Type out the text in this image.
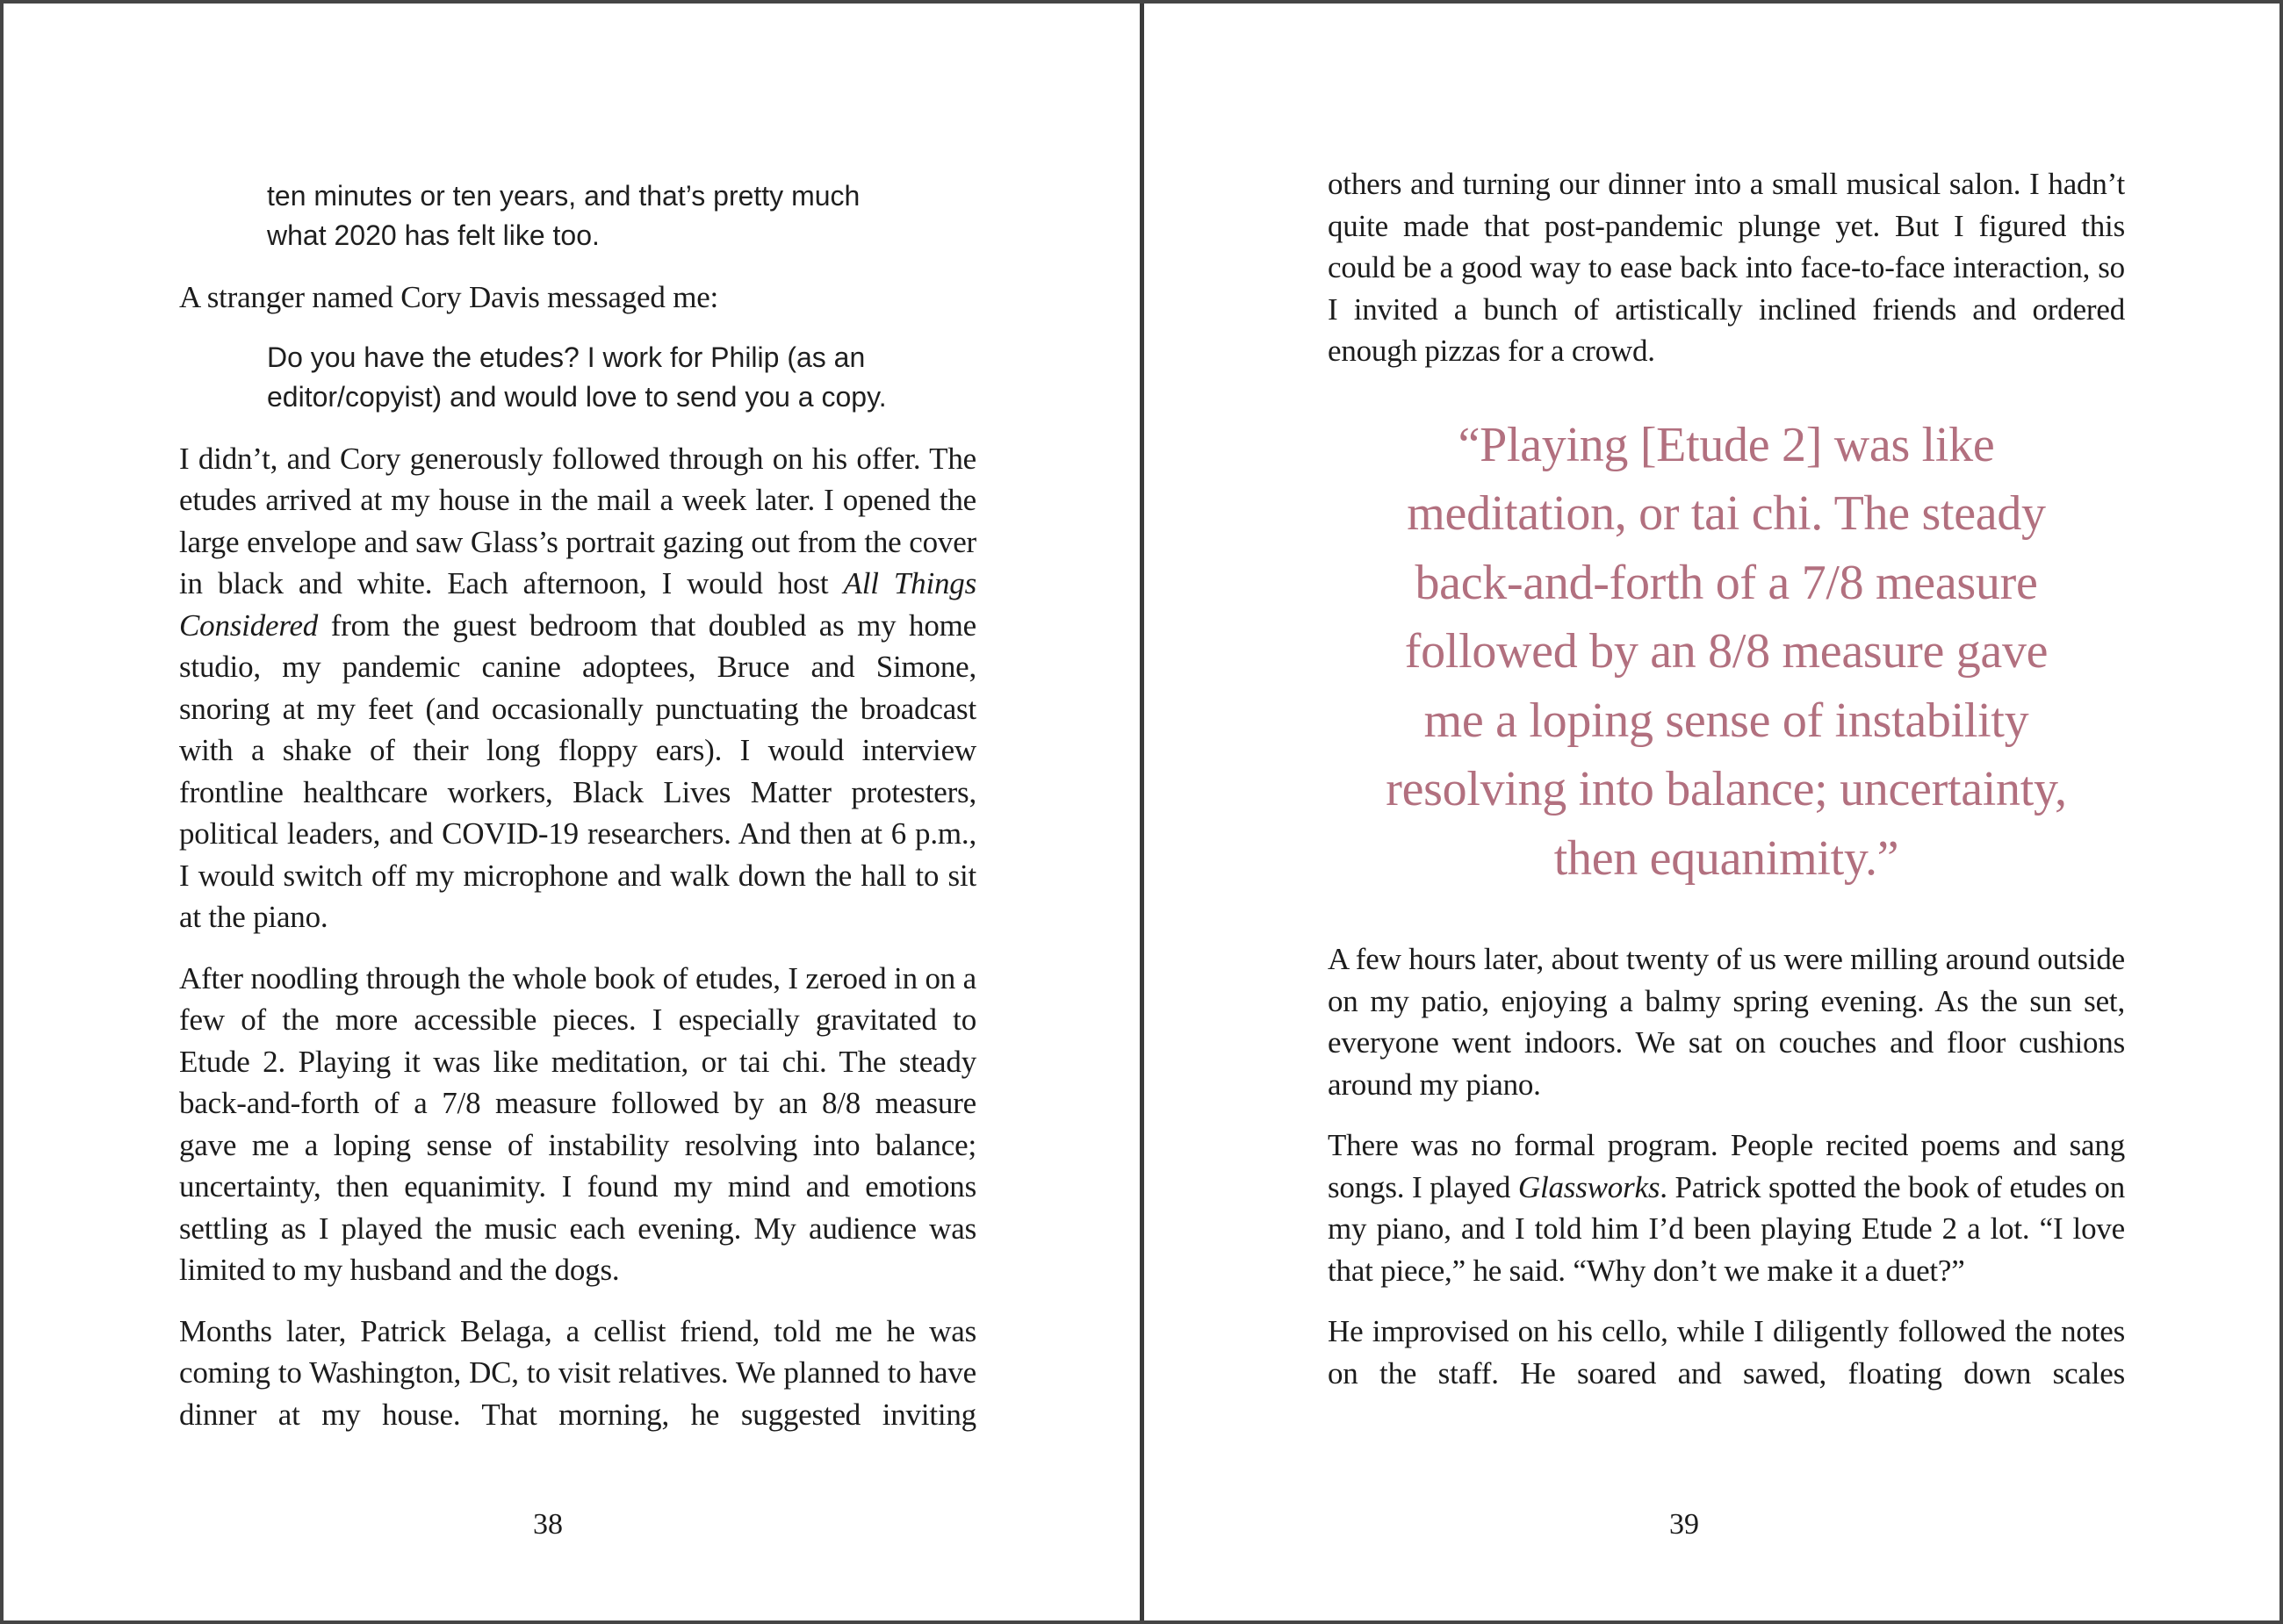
ten minutes or ten years, and that’s pretty much
what 2020 has felt like too.

A stranger named Cory Davis messaged me:

Do you have the etudes? I work for Philip (as an
editor/copyist) and would love to send you a copy.

I didn’t, and Cory generously followed through on his offer. The etudes arrived at my house in the mail a week later. I opened the large envelope and saw Glass’s portrait gazing out from the cover in black and white. Each afternoon, I would host All Things Considered from the guest bedroom that doubled as my home studio, my pandemic canine adoptees, Bruce and Simone, snoring at my feet (and occasionally punctuating the broadcast with a shake of their long floppy ears). I would interview frontline healthcare workers, Black Lives Matter protesters, political leaders, and COVID-19 researchers. And then at 6 p.m., I would switch off my microphone and walk down the hall to sit at the piano.

After noodling through the whole book of etudes, I zeroed in on a few of the more accessible pieces. I especially gravitated to Etude 2. Playing it was like meditation, or tai chi. The steady back-and-forth of a 7/8 measure followed by an 8/8 measure gave me a loping sense of instability resolving into balance; uncertainty, then equanimity. I found my mind and emotions settling as I played the music each evening. My audience was limited to my husband and the dogs.

Months later, Patrick Belaga, a cellist friend, told me he was coming to Washington, DC, to visit relatives. We planned to have dinner at my house. That morning, he suggested inviting

38

others and turning our dinner into a small musical salon. I hadn’t quite made that post-pandemic plunge yet. But I figured this could be a good way to ease back into face-to-face interaction, so I invited a bunch of artistically inclined friends and ordered enough pizzas for a crowd.

“Playing [Etude 2] was like
meditation, or tai chi. The steady
back-and-forth of a 7/8 measure
followed by an 8/8 measure gave
me a loping sense of instability
resolving into balance; uncertainty,
then equanimity.”

A few hours later, about twenty of us were milling around outside on my patio, enjoying a balmy spring evening. As the sun set, everyone went indoors. We sat on couches and floor cushions around my piano.

There was no formal program. People recited poems and sang songs. I played Glassworks. Patrick spotted the book of etudes on my piano, and I told him I’d been playing Etude 2 a lot. “I love that piece,” he said. “Why don’t we make it a duet?”

He improvised on his cello, while I diligently followed the notes on the staff. He soared and sawed, floating down scales

39
